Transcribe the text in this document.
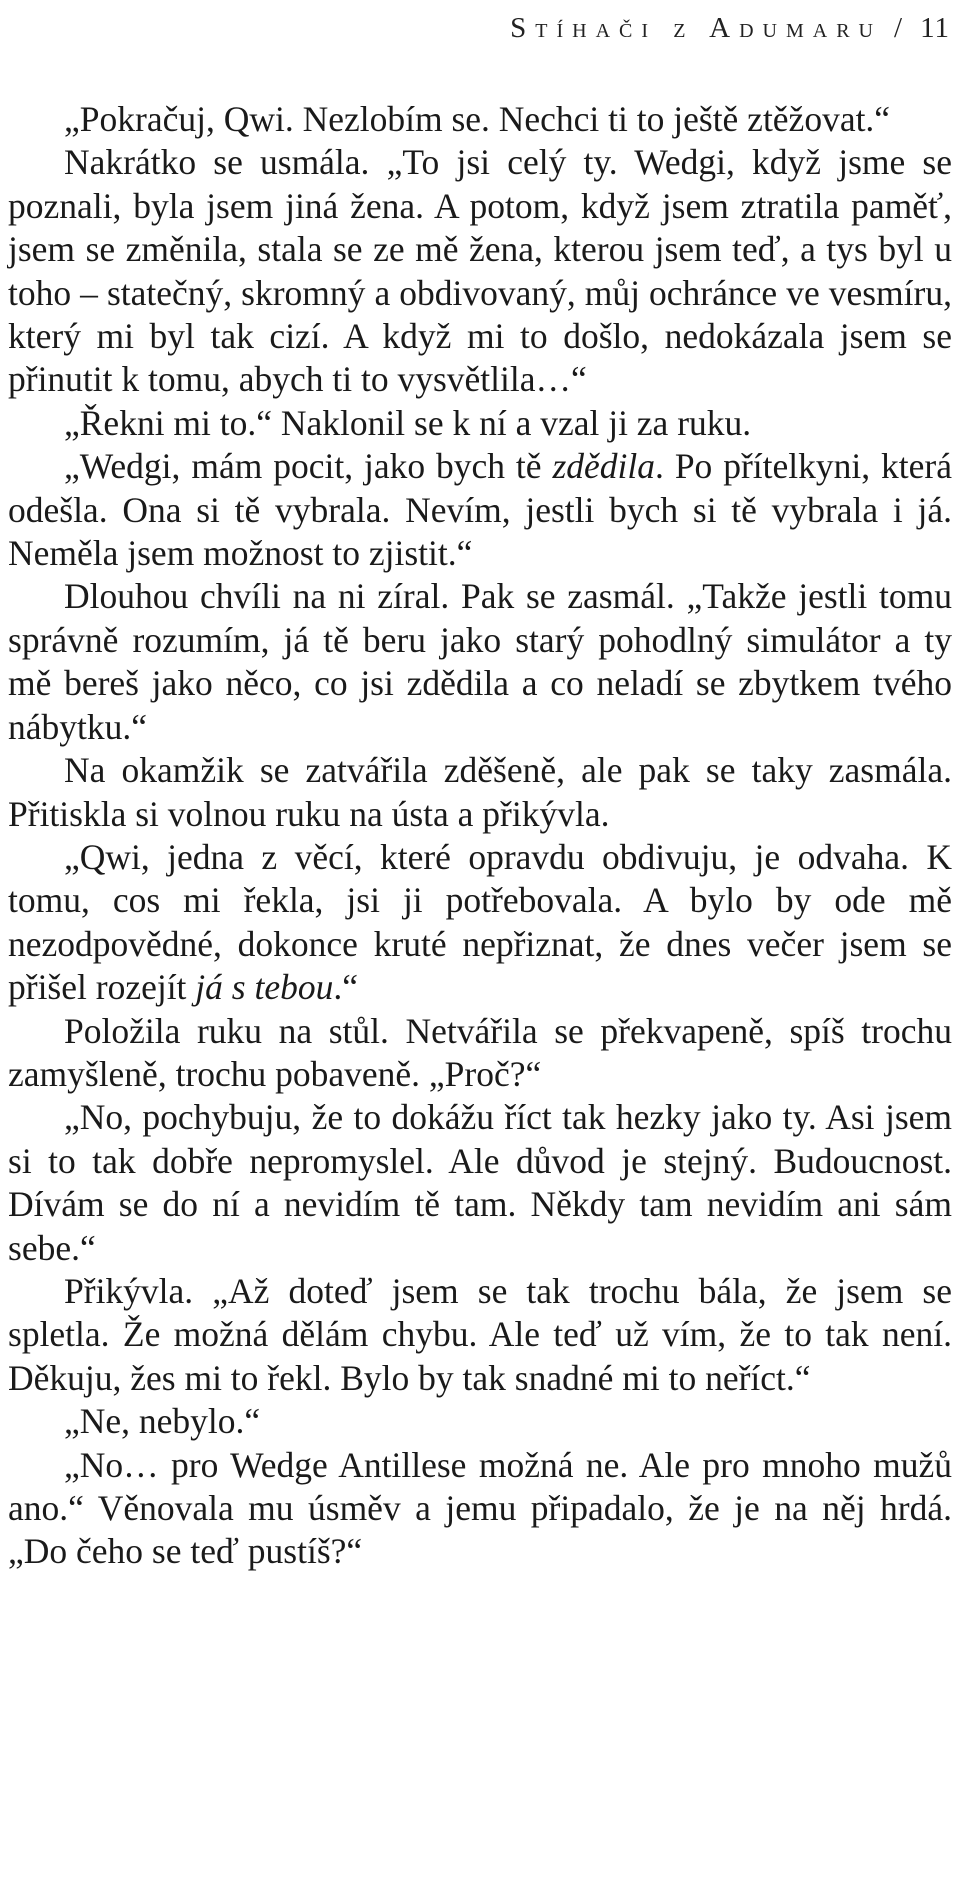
Stíhači z Adumaru / 11

„Pokračuj, Qwi. Nezlobím se. Nechci ti to ještě ztěžovat.“

Nakrátko se usmála. „To jsi celý ty. Wedgi, když jsme se poznali, byla jsem jiná žena. A potom, když jsem ztratila paměť, jsem se změnila, stala se ze mě žena, kterou jsem teď, a tys byl u toho – statečný, skromný a obdivovaný, můj ochránce ve vesmíru, který mi byl tak cizí. A když mi to došlo, nedokázala jsem se přinutit k tomu, abych ti to vysvětlila…“

„Řekni mi to.“ Naklonil se k ní a vzal ji za ruku.

„Wedgi, mám pocit, jako bych tě zdědila. Po přítelkyni, která odešla. Ona si tě vybrala. Nevím, jestli bych si tě vybrala i já. Neměla jsem možnost to zjistit.“

Dlouhou chvíli na ni zíral. Pak se zasmál. „Takže jestli tomu správně rozumím, já tě beru jako starý pohodlný simulátor a ty mě bereš jako něco, co jsi zdědila a co neladí se zbytkem tvého nábytku.“

Na okamžik se zatvářila zděšeně, ale pak se taky zasmála. Přitiskla si volnou ruku na ústa a přikývla.

„Qwi, jedna z věcí, které opravdu obdivuju, je odvaha. K tomu, cos mi řekla, jsi ji potřebovala. A bylo by ode mě nezodpovědné, dokonce kruté nepřiznat, že dnes večer jsem se přišel rozejít já s tebou.“

Položila ruku na stůl. Netvářila se překvapeně, spíš trochu zamyšleně, trochu pobaveně. „Proč?“

„No, pochybuju, že to dokážu říct tak hezky jako ty. Asi jsem si to tak dobře nepromyslel. Ale důvod je stejný. Budoucnost. Dívám se do ní a nevidím tě tam. Někdy tam nevidím ani sám sebe.“

Přikývla. „Až doteď jsem se tak trochu bála, že jsem se spletla. Že možná dělám chybu. Ale teď už vím, že to tak není. Děkuju, žes mi to řekl. Bylo by tak snadné mi to neříct.“

„Ne, nebylo.“

„No… pro Wedge Antillese možná ne. Ale pro mnoho mužů ano.“ Věnovala mu úsměv a jemu připadalo, že je na něj hrdá. „Do čeho se teď pustíš?“
